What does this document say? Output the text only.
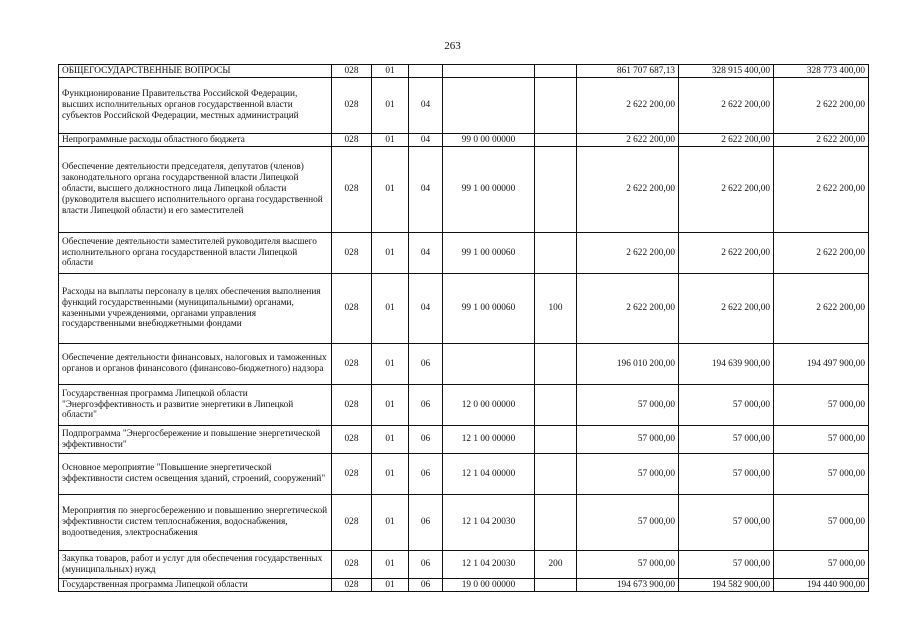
263
ОБЩЕГОСУДАРСТВЕННЫЕ ВОПРОСЫ	028	01				861 707 687,13	328 915 400,00	328 773 400,00
Функционирование Правительства Российской Федерации, высших исполнительных органов государственной власти субъектов Российской Федерации, местных администраций	028	01	04			2 622 200,00	2 622 200,00	2 622 200,00
Непрограммные расходы областного бюджета	028	01	04	99 0 00 00000		2 622 200,00	2 622 200,00	2 622 200,00
Обеспечение деятельности председателя, депутатов (членов) законодательного органа государственной власти Липецкой области, высшего должностного лица Липецкой области (руководителя высшего исполнительного органа государственной власти Липецкой области) и его заместителей	028	01	04	99 1 00 00000		2 622 200,00	2 622 200,00	2 622 200,00
Обеспечение деятельности заместителей руководителя высшего исполнительного органа государственной власти Липецкой области	028	01	04	99 1 00 00060		2 622 200,00	2 622 200,00	2 622 200,00
Расходы на выплаты персоналу в целях обеспечения выполнения функций государственными (муниципальными) органами, казенными учреждениями, органами управления государственными внебюджетными фондами	028	01	04	99 1 00 00060	100	2 622 200,00	2 622 200,00	2 622 200,00
Обеспечение деятельности финансовых, налоговых и таможенных органов и органов финансового (финансово-бюджетного) надзора	028	01	06			196 010 200,00	194 639 900,00	194 497 900,00
Государственная программа Липецкой области "Энергоэффективность и развитие энергетики в Липецкой области"	028	01	06	12 0 00 00000		57 000,00	57 000,00	57 000,00
Подпрограмма "Энергосбережение и повышение энергетической эффективности"	028	01	06	12 1 00 00000		57 000,00	57 000,00	57 000,00
Основное мероприятие "Повышение энергетической эффективности систем освещения зданий, строений, сооружений"	028	01	06	12 1 04 00000		57 000,00	57 000,00	57 000,00
Мероприятия по энергосбережению и повышению энергетической эффективности систем теплоснабжения, водоснабжения, водоотведения, электроснабжения	028	01	06	12 1 04 20030		57 000,00	57 000,00	57 000,00
Закупка товаров, работ и услуг для обеспечения государственных (муниципальных) нужд	028	01	06	12 1 04 20030	200	57 000,00	57 000,00	57 000,00
Государственная программа Липецкой области	028	01	06	19 0 00 00000		194 673 900,00	194 582 900,00	194 440 900,00
